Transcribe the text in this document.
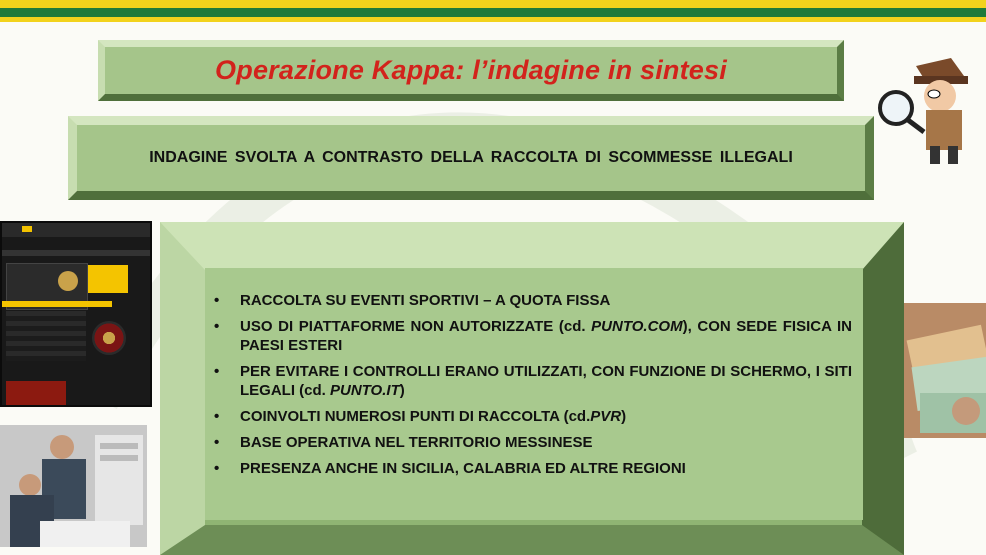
Operazione Kappa: l’indagine in sintesi
INDAGINE SVOLTA A CONTRASTO DELLA RACCOLTA DI SCOMMESSE ILLEGALI
• RACCOLTA SU EVENTI SPORTIVI – A QUOTA FISSA
• USO DI PIATTAFORME NON AUTORIZZATE (cd. PUNTO.COM), CON SEDE FISICA IN PAESI ESTERI
• PER EVITARE I CONTROLLI ERANO UTILIZZATI, CON FUNZIONE DI SCHERMO, I SITI LEGALI (cd. PUNTO.IT)
• COINVOLTI NUMEROSI PUNTI DI RACCOLTA (cd.PVR)
• BASE OPERATIVA NEL TERRITORIO MESSINESE
• PRESENZA ANCHE IN SICILIA, CALABRIA ED ALTRE REGIONI
